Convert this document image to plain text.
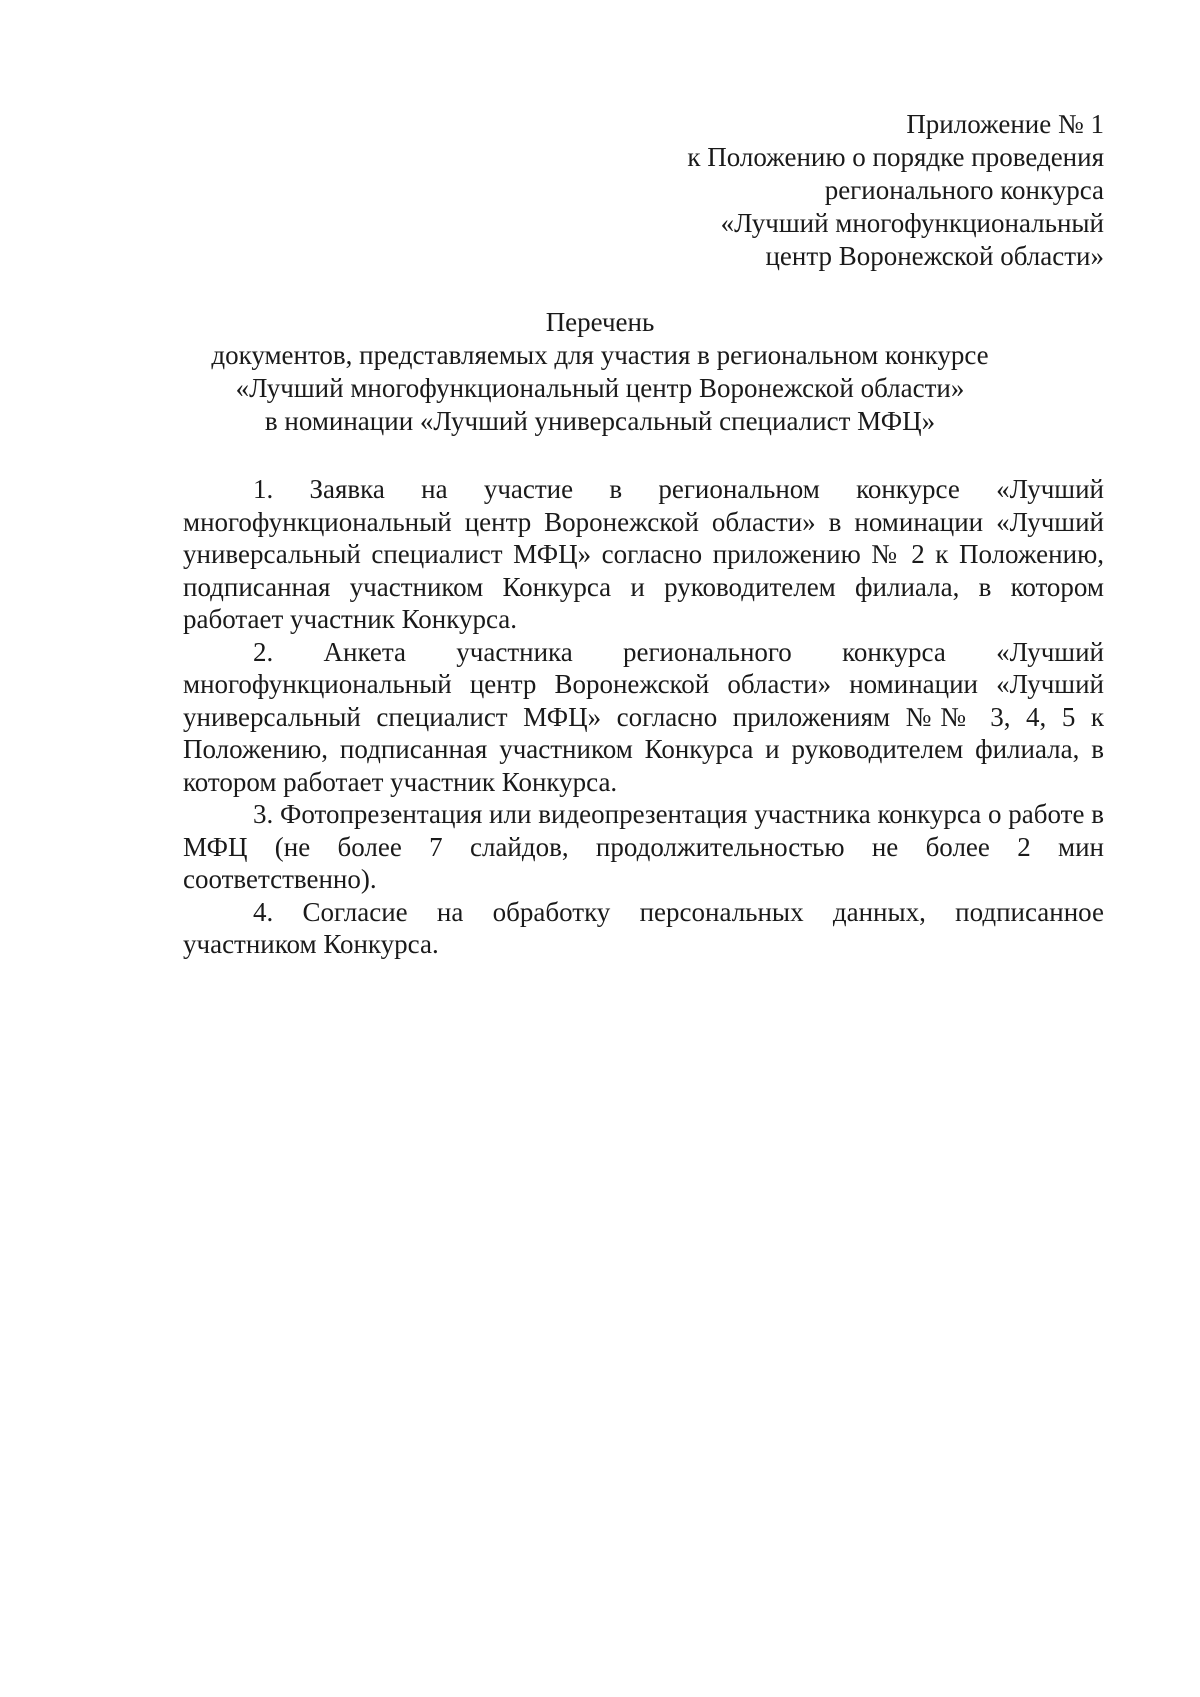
Приложение № 1
к Положению о порядке проведения
регионального конкурса
«Лучший многофункциональный
центр Воронежской области»
Перечень
документов, представляемых для участия в региональном конкурсе
«Лучший многофункциональный центр Воронежской области»
в номинации «Лучший универсальный специалист МФЦ»

1. Заявка на участие в региональном конкурсе «Лучший многофункциональный центр Воронежской области» в номинации «Лучший универсальный специалист МФЦ» согласно приложению № 2 к Положению, подписанная участником Конкурса и руководителем филиала, в котором работает участник Конкурса.

2. Анкета участника регионального конкурса «Лучший многофункциональный центр Воронежской области» номинации «Лучший универсальный специалист МФЦ» согласно приложениям №№ 3, 4, 5 к Положению, подписанная участником Конкурса и руководителем филиала, в котором работает участник Конкурса.

3. Фотопрезентация или видеопрезентация участника конкурса о работе в МФЦ (не более 7 слайдов, продолжительностью не более 2 мин соответственно).

4. Согласие на обработку персональных данных, подписанное участником Конкурса.
